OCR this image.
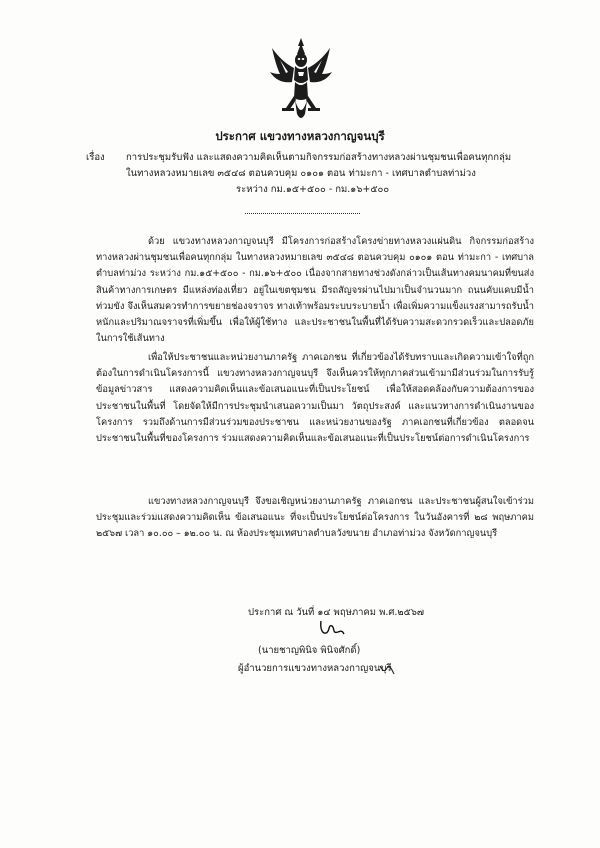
ประกาศ แขวงทางหลวงกาญจนบุรี
เรื่อง การประชุมรับฟัง และแสดงความคิดเห็นตามกิจกรรมก่อสร้างทางหลวงผ่านชุมชนเพื่อคนทุกกลุ่ม
ในทางหลวงหมายเลข ๓๕๔๘ ตอนควบคุม ๐๑๐๑ ตอน ท่ามะกา - เทศบาลตำบลท่าม่วง
ระหว่าง กม.๑๕+๕๐๐ - กม.๑๖+๕๐๐
ด้วย แขวงทางหลวงกาญจนบุรี มีโครงการก่อสร้างโครงข่ายทางหลวงแผ่นดิน กิจกรรมก่อสร้างทางหลวงผ่านชุมชนเพื่อคนทุกกลุ่ม ในทางหลวงหมายเลข ๓๕๔๘ ตอนควบคุม ๐๑๐๑ ตอน ท่ามะกา - เทศบาลตำบลท่าม่วง ระหว่าง กม.๑๕+๕๐๐ - กม.๑๖+๕๐๐ เนื่องจากสายทางช่วงดังกล่าวเป็นเส้นทางคมนาคมที่ขนส่งสินค้าทางการเกษตร มีแหล่งท่องเที่ยว อยู่ในเขตชุมชน มีรถสัญจรผ่านไปมาเป็นจำนวนมาก ถนนคับแคบมีน้ำท่วมขัง จึงเห็นสมควรทำการขยายช่องจราจร ทางเท้าพร้อมระบบระบายน้ำ เพื่อเพิ่มความแข็งแรงสามารถรับน้ำหนักและปริมาณจราจรที่เพิ่มขึ้น เพื่อให้ผู้ใช้ทาง และประชาชนในพื้นที่ได้รับความสะดวกรวดเร็วและปลอดภัยในการใช้เส้นทาง
เพื่อให้ประชาชนและหน่วยงานภาครัฐ ภาคเอกชน ที่เกี่ยวข้องได้รับทราบและเกิดความเข้าใจที่ถูกต้องในการดำเนินโครงการนี้ แขวงทางหลวงกาญจนบุรี จึงเห็นควรให้ทุกภาคส่วนเข้ามามีส่วนร่วมในการรับรู้ข้อมูลข่าวสาร แสดงความคิดเห็นและข้อเสนอแนะที่เป็นประโยชน์ เพื่อให้สอดคล้องกับความต้องการของประชาชนในพื้นที่ โดยจัดให้มีการประชุมนำเสนอความเป็นมา วัตถุประสงค์ และแนวทางการดำเนินงานของโครงการ รวมถึงด้านการมีส่วนร่วมของประชาชน และหน่วยงานของรัฐ ภาคเอกชนที่เกี่ยวข้อง ตลอดจนประชาชนในพื้นที่ของโครงการ ร่วมแสดงความคิดเห็นและข้อเสนอแนะที่เป็นประโยชน์ต่อการดำเนินโครงการ
แขวงทางหลวงกาญจนบุรี จึงขอเชิญหน่วยงานภาครัฐ ภาคเอกชน และประชาชนผู้สนใจเข้าร่วมประชุมและร่วมแสดงความคิดเห็น ข้อเสนอแนะ ที่จะเป็นประโยชน์ต่อโครงการ ในวันอังคารที่ ๒๘ พฤษภาคม ๒๕๖๗ เวลา ๑๐.๐๐ – ๑๒.๐๐ น. ณ ห้องประชุมเทศบาลตำบลวังขนาย อำเภอท่าม่วง จังหวัดกาญจนบุรี
ประกาศ ณ วันที่ ๑๔ พฤษภาคม พ.ศ.๒๕๖๗
(นายชาญพินิจ พินิจศักดิ์)
ผู้อำนวยการแขวงทางหลวงกาญจนบุรี
